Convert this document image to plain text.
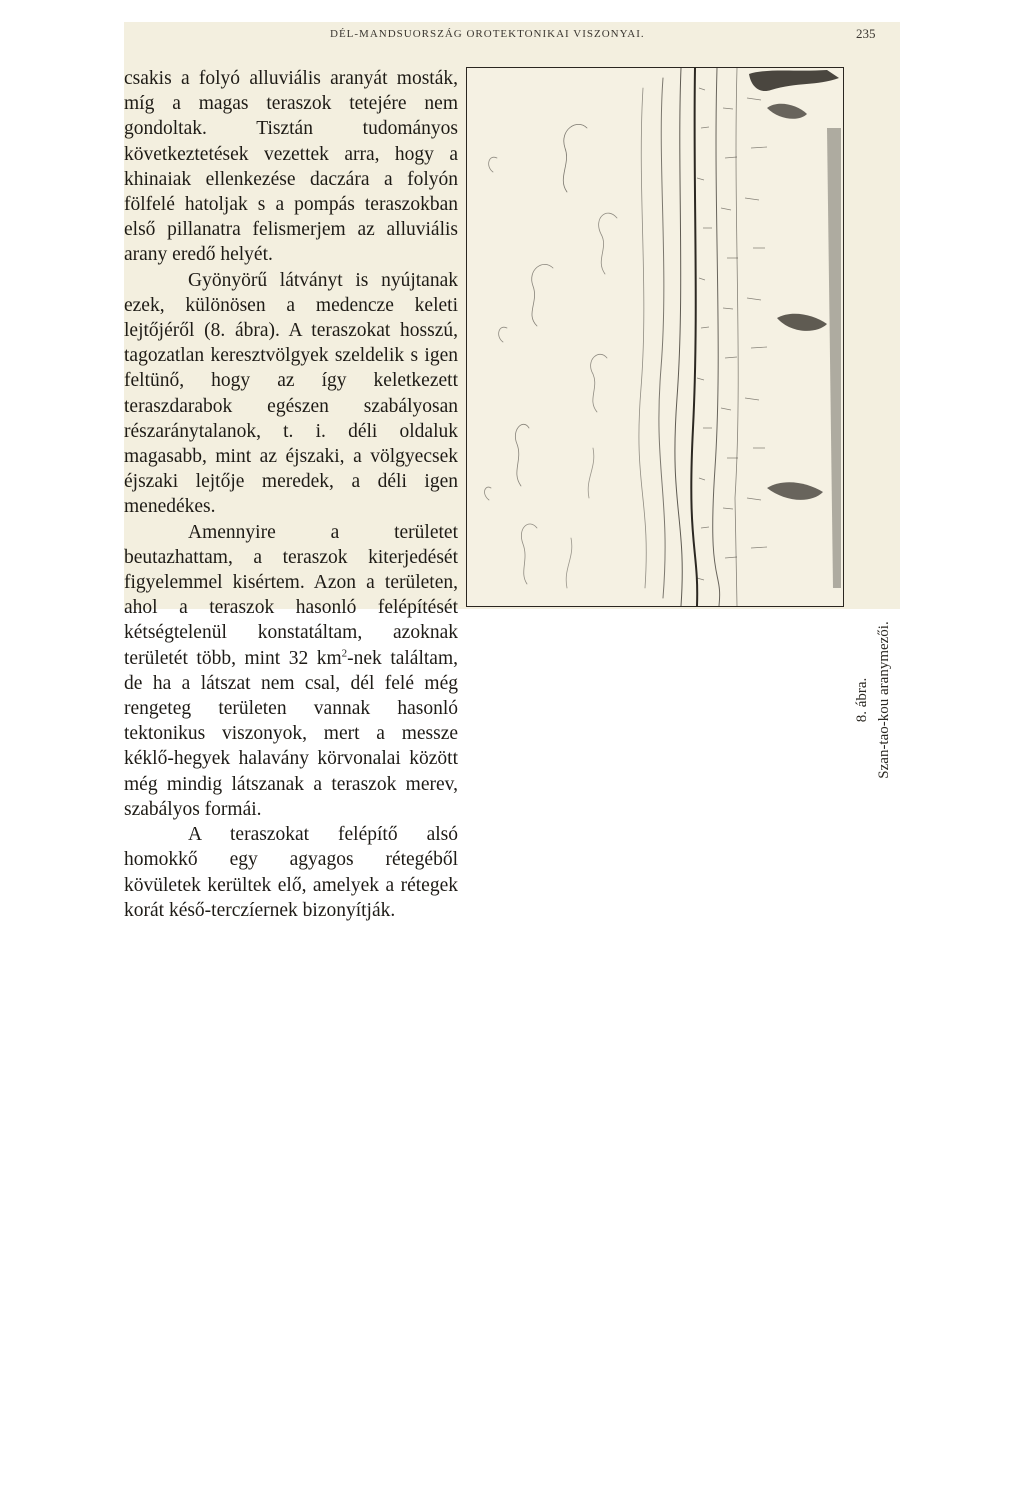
DÉL-MANDSUORSZÁG OROTEKTONIKAI VISZONYAI.	235

csakis a folyó alluviális aranyát mosták, míg a magas teraszok tetejére nem gondoltak. Tisztán tudományos következtetések vezettek arra, hogy a khinaiak ellenkezése daczára a folyón fölfelé hatoljak s a pompás teraszokban első pillanatra felismerjem az alluviális arany eredő helyét.

Gyönyörű látványt is nyújtanak ezek, különösen a medencze keleti lejtőjéről (8. ábra). A teraszokat hosszú, tagozatlan keresztvölgyek szeldelik s igen feltünő, hogy az így keletkezett teraszdarabok egészen szabályosan részaránytalanok, t. i. déli oldaluk magasabb, mint az éjszaki, a völgyecsek éjszaki lejtője meredek, a déli igen menedékes.

Amennyire a területet beutazhattam, a teraszok kiterjedését figyelemmel kisértem. Azon a területen, ahol a teraszok hasonló felépítését kétségtelenül konstatáltam, azoknak területét több, mint 32 $km^2$-nek találtam, de ha a látszat nem csal, dél felé még rengeteg területen vannak hasonló tektonikus viszonyok, mert a messze kéklő-hegyek halavány körvonalai között még mindig látszanak a teraszok merev, szabályos formái.

A teraszokat felépítő alsó homokkő egy agyagos rétegéből kövületek kerültek elő, amelyek a rétegek korát késő-terczíernek bizonyítják.

8. ábra. Szan-tao-kou aranymezői.
